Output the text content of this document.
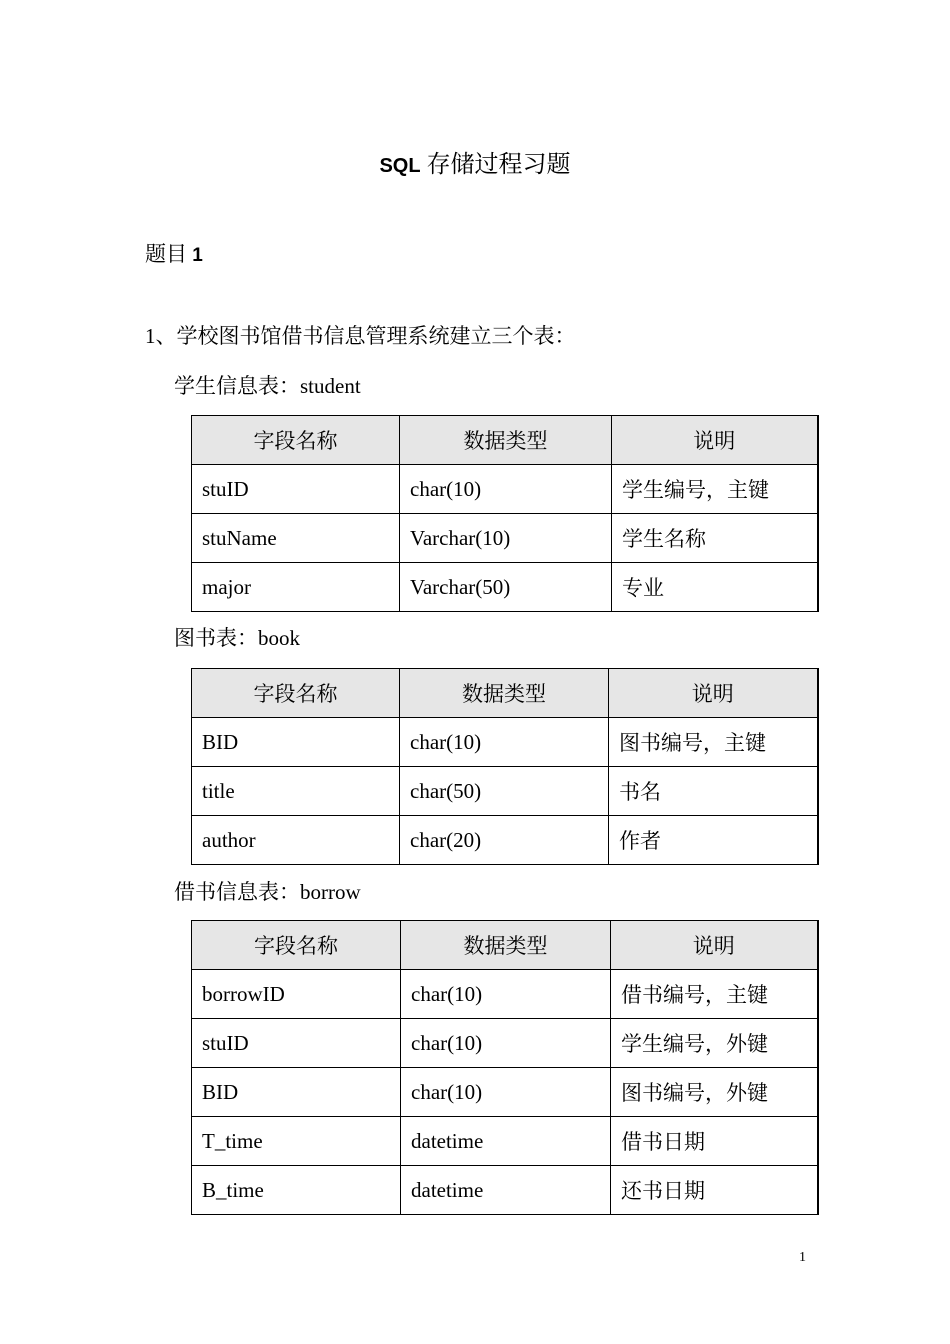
SQL 存储过程习题
题目 1
1、学校图书馆借书信息管理系统建立三个表：
学生信息表：student
字段名称	数据类型	说明
stuID	char(10)	学生编号，主键
stuName	Varchar(10)	学生名称
major	Varchar(50)	专业
图书表：book
字段名称	数据类型	说明
BID	char(10)	图书编号，主键
title	char(50)	书名
author	char(20)	作者
借书信息表：borrow
字段名称	数据类型	说明
borrowID	char(10)	借书编号，主键
stuID	char(10)	学生编号，外键
BID	char(10)	图书编号，外键
T_time	datetime	借书日期
B_time	datetime	还书日期
1
